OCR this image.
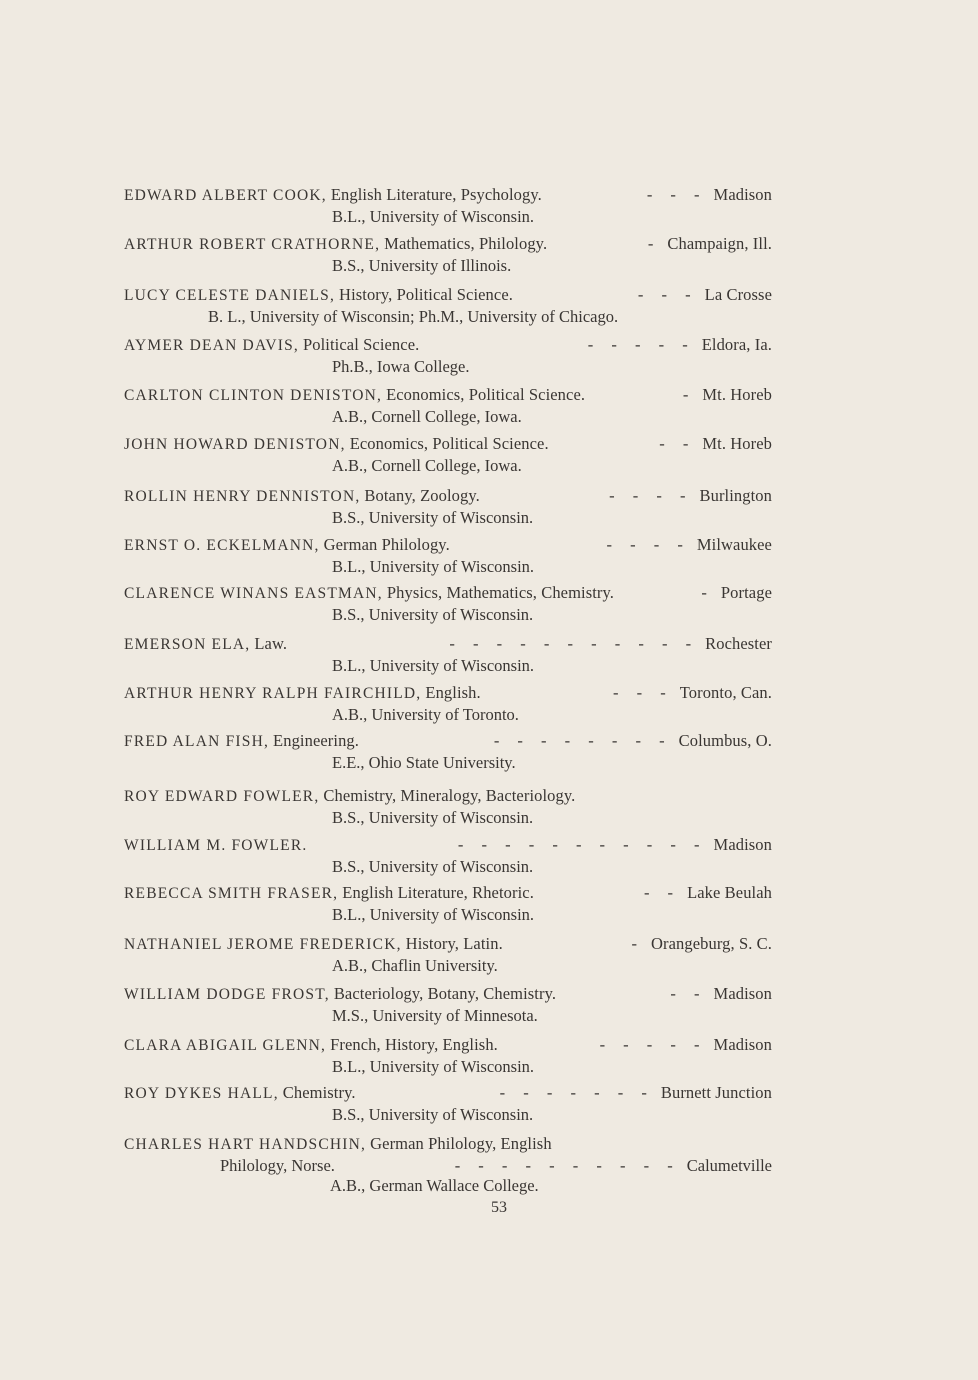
EDWARD ALBERT COOK, English Literature, Psychology.	- - - Madison
B.L., University of Wisconsin.
ARTHUR ROBERT CRATHORNE, Mathematics, Philology.	- Champaign, Ill.
B.S., University of Illinois.
LUCY CELESTE DANIELS, History, Political Science.	- - - La Crosse
B. L., University of Wisconsin; Ph.M., University of Chicago.
AYMER DEAN DAVIS, Political Science.	- - - - - Eldora, Ia.
Ph.B., Iowa College.
CARLTON CLINTON DENISTON, Economics, Political Science.	- Mt. Horeb
A.B., Cornell College, Iowa.
JOHN HOWARD DENISTON, Economics, Political Science.	- - Mt. Horeb
A.B., Cornell College, Iowa.
ROLLIN HENRY DENNISTON, Botany, Zoology.	- - - - Burlington
B.S., University of Wisconsin.
ERNST O. ECKELMANN, German Philology.	- - - - Milwaukee
B.L., University of Wisconsin.
CLARENCE WINANS EASTMAN, Physics, Mathematics, Chemistry.	- Portage
B.S., University of Wisconsin.
EMERSON ELA, Law.	- - - - - - - - - - - Rochester
B.L., University of Wisconsin.
ARTHUR HENRY RALPH FAIRCHILD, English.	- - - Toronto, Can.
A.B., University of Toronto.
FRED ALAN FISH, Engineering.	- - - - - - - - Columbus, O.
E.E., Ohio State University.
ROY EDWARD FOWLER, Chemistry, Mineralogy, Bacteriology.
B.S., University of Wisconsin.
WILLIAM M. FOWLER.	- - - - - - - - - - - Madison
B.S., University of Wisconsin.
REBECCA SMITH FRASER, English Literature, Rhetoric.	- - Lake Beulah
B.L., University of Wisconsin.
NATHANIEL JEROME FREDERICK, History, Latin.	- Orangeburg, S. C.
A.B., Chaflin University.
WILLIAM DODGE FROST, Bacteriology, Botany, Chemistry.	- - Madison
M.S., University of Minnesota.
CLARA ABIGAIL GLENN, French, History, English.	- - - - - Madison
B.L., University of Wisconsin.
ROY DYKES HALL, Chemistry.	- - - - - - - Burnett Junction
B.S., University of Wisconsin.
CHARLES HART HANDSCHIN, German Philology, English
Philology, Norse.	- - - - - - - - - - Calumetville
A.B., German Wallace College.
53
